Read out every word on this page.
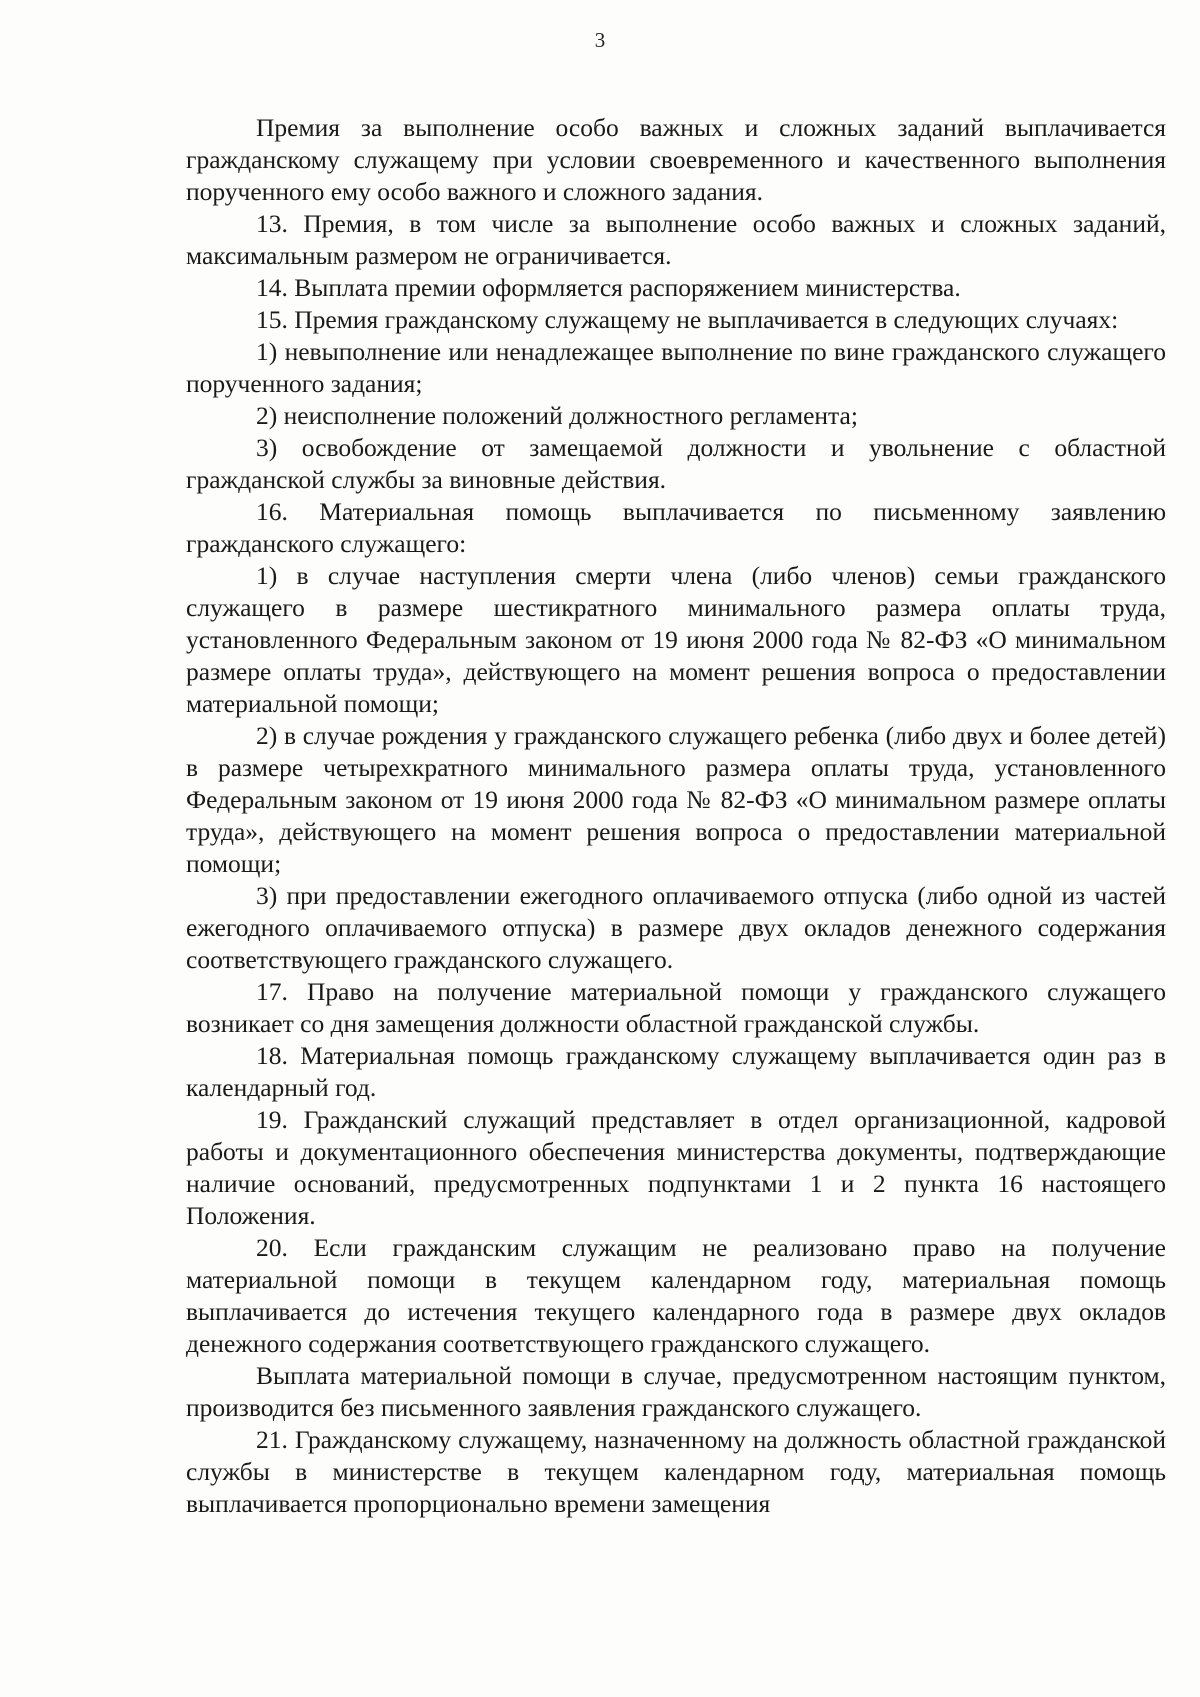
3

Премия за выполнение особо важных и сложных заданий выплачивается гражданскому служащему при условии своевременного и качественного выполнения порученного ему особо важного и сложного задания.

13. Премия, в том числе за выполнение особо важных и сложных заданий, максимальным размером не ограничивается.

14. Выплата премии оформляется распоряжением министерства.

15. Премия гражданскому служащему не выплачивается в следующих случаях:

1) невыполнение или ненадлежащее выполнение по вине гражданского служащего порученного задания;

2) неисполнение положений должностного регламента;

3) освобождение от замещаемой должности и увольнение с областной гражданской службы за виновные действия.

16. Материальная помощь выплачивается по письменному заявлению гражданского служащего:

1) в случае наступления смерти члена (либо членов) семьи гражданского служащего в размере шестикратного минимального размера оплаты труда, установленного Федеральным законом от 19 июня 2000 года № 82-ФЗ «О минимальном размере оплаты труда», действующего на момент решения вопроса о предоставлении материальной помощи;

2) в случае рождения у гражданского служащего ребенка (либо двух и более детей) в размере четырехкратного минимального размера оплаты труда, установленного Федеральным законом от 19 июня 2000 года № 82-ФЗ «О минимальном размере оплаты труда», действующего на момент решения вопроса о предоставлении материальной помощи;

3) при предоставлении ежегодного оплачиваемого отпуска (либо одной из частей ежегодного оплачиваемого отпуска) в размере двух окладов денежного содержания соответствующего гражданского служащего.

17. Право на получение материальной помощи у гражданского служащего возникает со дня замещения должности областной гражданской службы.

18. Материальная помощь гражданскому служащему выплачивается один раз в календарный год.

19. Гражданский служащий представляет в отдел организационной, кадровой работы и документационного обеспечения министерства документы, подтверждающие наличие оснований, предусмотренных подпунктами 1 и 2 пункта 16 настоящего Положения.

20. Если гражданским служащим не реализовано право на получение материальной помощи в текущем календарном году, материальная помощь выплачивается до истечения текущего календарного года в размере двух окладов денежного содержания соответствующего гражданского служащего.

Выплата материальной помощи в случае, предусмотренном настоящим пунктом, производится без письменного заявления гражданского служащего.

21. Гражданскому служащему, назначенному на должность областной гражданской службы в министерстве в текущем календарном году, материальная помощь выплачивается пропорционально времени замещения
